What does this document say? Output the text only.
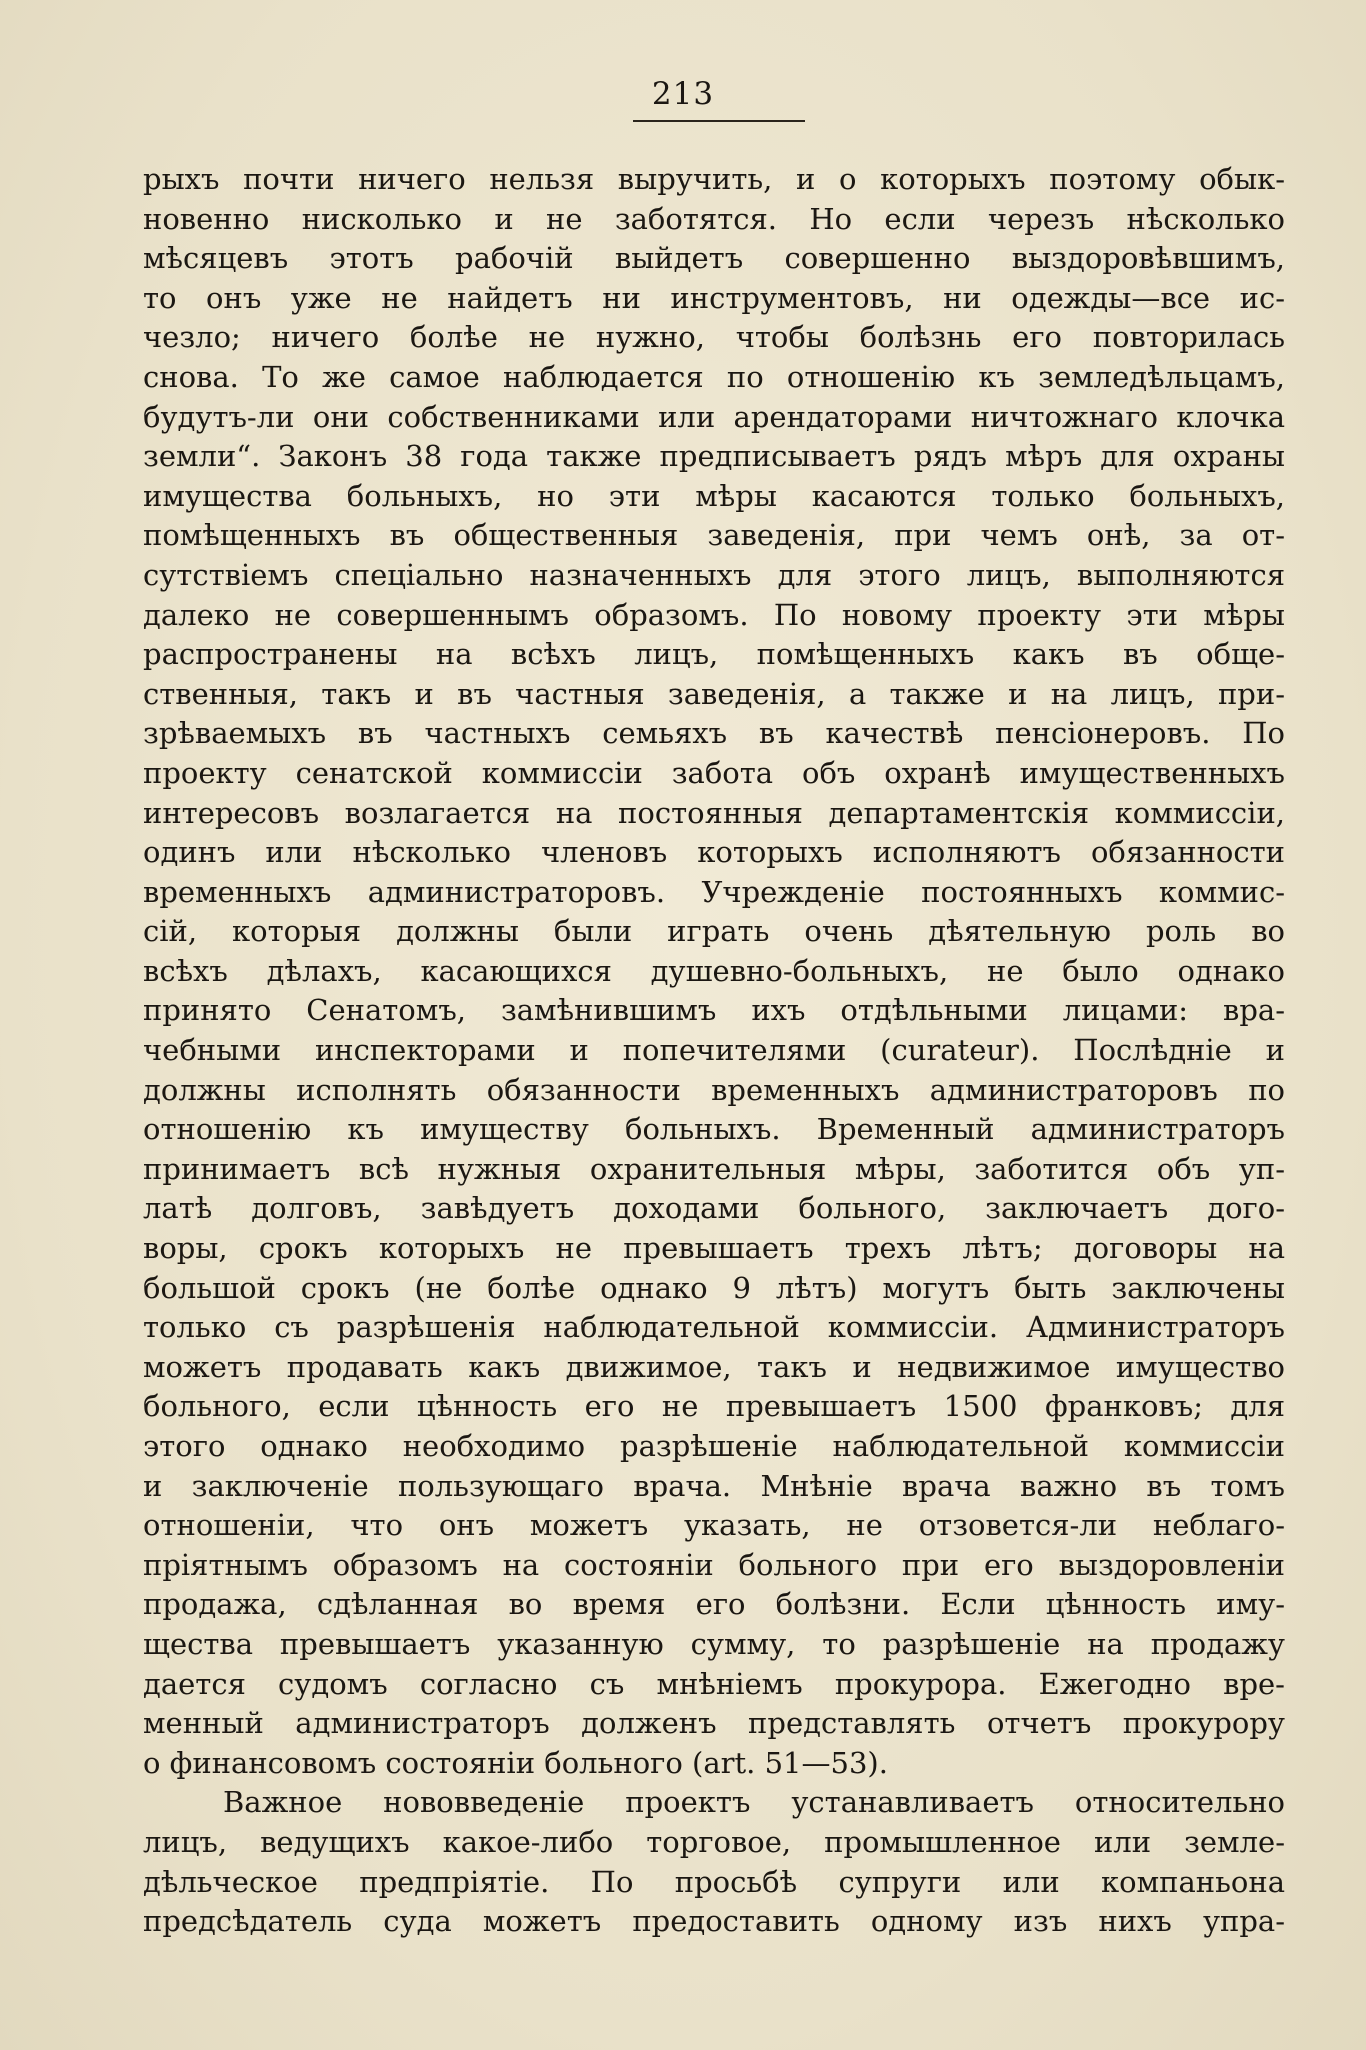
213
рыхъ почти ничего нельзя выручить, и о которыхъ поэтому обык-
новенно нисколько и не заботятся. Но если черезъ нѣсколько
мѣсяцевъ этотъ рабочій выйдетъ совершенно выздоровѣвшимъ,
то онъ уже не найдетъ ни инструментовъ, ни одежды—все ис-
чезло; ничего болѣе не нужно, чтобы болѣзнь его повторилась
снова. То же самое наблюдается по отношенію къ земледѣльцамъ,
будутъ-ли они собственниками или арендаторами ничтожнаго клочка
земли“. Законъ 38 года также предписываетъ рядъ мѣръ для охраны
имущества больныхъ, но эти мѣры касаются только больныхъ,
помѣщенныхъ въ общественныя заведенія, при чемъ онѣ, за от-
сутствіемъ спеціально назначенныхъ для этого лицъ, выполняются
далеко не совершеннымъ образомъ. По новому проекту эти мѣры
распространены на всѣхъ лицъ, помѣщенныхъ какъ въ обще-
ственныя, такъ и въ частныя заведенія, а также и на лицъ, при-
зрѣваемыхъ въ частныхъ семьяхъ въ качествѣ пенсіонеровъ. По
проекту сенатской коммиссіи забота объ охранѣ имущественныхъ
интересовъ возлагается на постоянныя департаментскія коммиссіи,
одинъ или нѣсколько членовъ которыхъ исполняютъ обязанности
временныхъ администраторовъ. Учрежденіе постоянныхъ коммис-
сій, которыя должны были играть очень дѣятельную роль во
всѣхъ дѣлахъ, касающихся душевно-больныхъ, не было однако
принято Сенатомъ, замѣнившимъ ихъ отдѣльными лицами: вра-
чебными инспекторами и попечителями (curateur). Послѣдніе и
должны исполнять обязанности временныхъ администраторовъ по
отношенію къ имуществу больныхъ. Временный администраторъ
принимаетъ всѣ нужныя охранительныя мѣры, заботится объ уп-
латѣ долговъ, завѣдуетъ доходами больного, заключаетъ дого-
воры, срокъ которыхъ не превышаетъ трехъ лѣтъ; договоры на
большой срокъ (не болѣе однако 9 лѣтъ) могутъ быть заключены
только съ разрѣшенія наблюдательной коммиссіи. Администраторъ
можетъ продавать какъ движимое, такъ и недвижимое имущество
больного, если цѣнность его не превышаетъ 1500 франковъ; для
этого однако необходимо разрѣшеніе наблюдательной коммиссіи
и заключеніе пользующаго врача. Мнѣніе врача важно въ томъ
отношеніи, что онъ можетъ указать, не отзовется-ли неблаго-
пріятнымъ образомъ на состояніи больного при его выздоровленіи
продажа, сдѣланная во время его болѣзни. Если цѣнность иму-
щества превышаетъ указанную сумму, то разрѣшеніе на продажу
дается судомъ согласно съ мнѣніемъ прокурора. Ежегодно вре-
менный администраторъ долженъ представлять отчетъ прокурору
о финансовомъ состояніи больного (art. 51—53).
Важное нововведеніе проектъ устанавливаетъ относительно
лицъ, ведущихъ какое-либо торговое, промышленное или земле-
дѣльческое предпріятіе. По просьбѣ супруги или компаньона
предсѣдатель суда можетъ предоставить одному изъ нихъ упра-
